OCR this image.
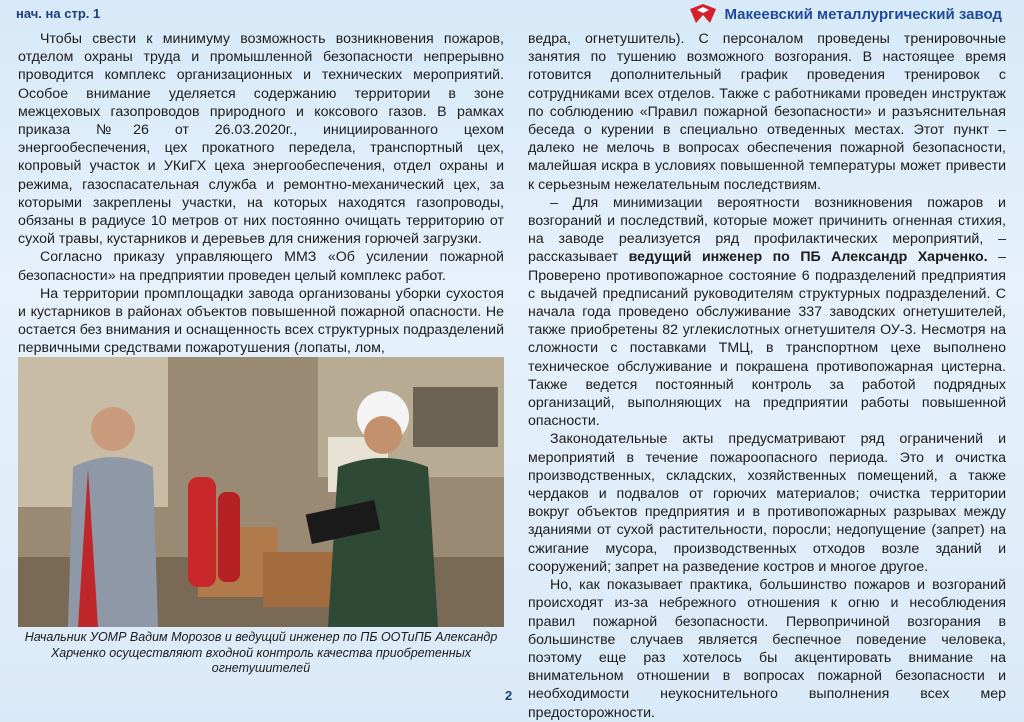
нач. на стр. 1	Макеевский металлургический завод

Чтобы свести к минимуму возможность возникновения пожаров, отделом охраны труда и промышленной безопасности непрерывно проводится комплекс организационных и технических мероприятий. Особое внимание уделяется содержанию территории в зоне межцеховых газопроводов природного и коксового газов. В рамках приказа №26 от 26.03.2020г., инициированного цехом энергообеспечения, цех прокатного передела, транспортный цех, копровый участок и УКиГХ цеха энергообеспечения, отдел охраны и режима, газоспасательная служба и ремонтно-механический цех, за которыми закреплены участки, на которых находятся газопроводы, обязаны в радиусе 10 метров от них постоянно очищать территорию от сухой травы, кустарников и деревьев для снижения горючей загрузки.

Согласно приказу управляющего ММЗ «Об усилении пожарной безопасности» на предприятии проведен целый комплекс работ.

На территории промплощадки завода организованы уборки сухостоя и кустарников в районах объектов повышенной пожарной опасности. Не остается без внимания и оснащенность всех структурных подразделений первичными средствами пожаротушения (лопаты, лом,

Начальник УОМР Вадим Морозов и ведущий инженер по ПБ ООТиПБ Александр Харченко осуществляют входной контроль качества приобретенных огнетушителей

ведра, огнетушитель). С персоналом проведены тренировочные занятия по тушению возможного возгорания. В настоящее время готовится дополнительный график проведения тренировок с сотрудниками всех отделов. Также с работниками проведен инструктаж по соблюдению «Правил пожарной безопасности» и разъяснительная беседа о курении в специально отведенных местах. Этот пункт – далеко не мелочь в вопросах обеспечения пожарной безопасности, малейшая искра в условиях повышенной температуры может привести к серьезным нежелательным последствиям.

– Для минимизации вероятности возникновения пожаров и возгораний и последствий, которые может причинить огненная стихия, на заводе реализуется ряд профилактических мероприятий, – рассказывает ведущий инженер по ПБ Александр Харченко. – Проверено противопожарное состояние 6 подразделений предприятия с выдачей предписаний руководителям структурных подразделений. С начала года проведено обслуживание 337 заводских огнетушителей, также приобретены 82 углекислотных огнетушителя ОУ-3. Несмотря на сложности с поставками ТМЦ, в транспортном цехе выполнено техническое обслуживание и покрашена противопожарная цистерна. Также ведется постоянный контроль за работой подрядных организаций, выполняющих на предприятии работы повышенной опасности.

Законодательные акты предусматривают ряд ограничений и мероприятий в течение пожароопасного периода. Это и очистка производственных, складских, хозяйственных помещений, а также чердаков и подвалов от горючих материалов; очистка территории вокруг объектов предприятия и в противопожарных разрывах между зданиями от сухой растительности, поросли; недопущение (запрет) на сжигание мусора, производственных отходов возле зданий и сооружений; запрет на разведение костров и многое другое.

Но, как показывает практика, большинство пожаров и возгораний происходят из-за небрежного отношения к огню и несоблюдения правил пожарной безопасности. Первопричиной возгорания в большинстве случаев является беспечное поведение человека, поэтому еще раз хотелось бы акцентировать внимание на внимательном отношении в вопросах пожарной безопасности и необходимости неукоснительного выполнения всех мер предосторожности.

2
